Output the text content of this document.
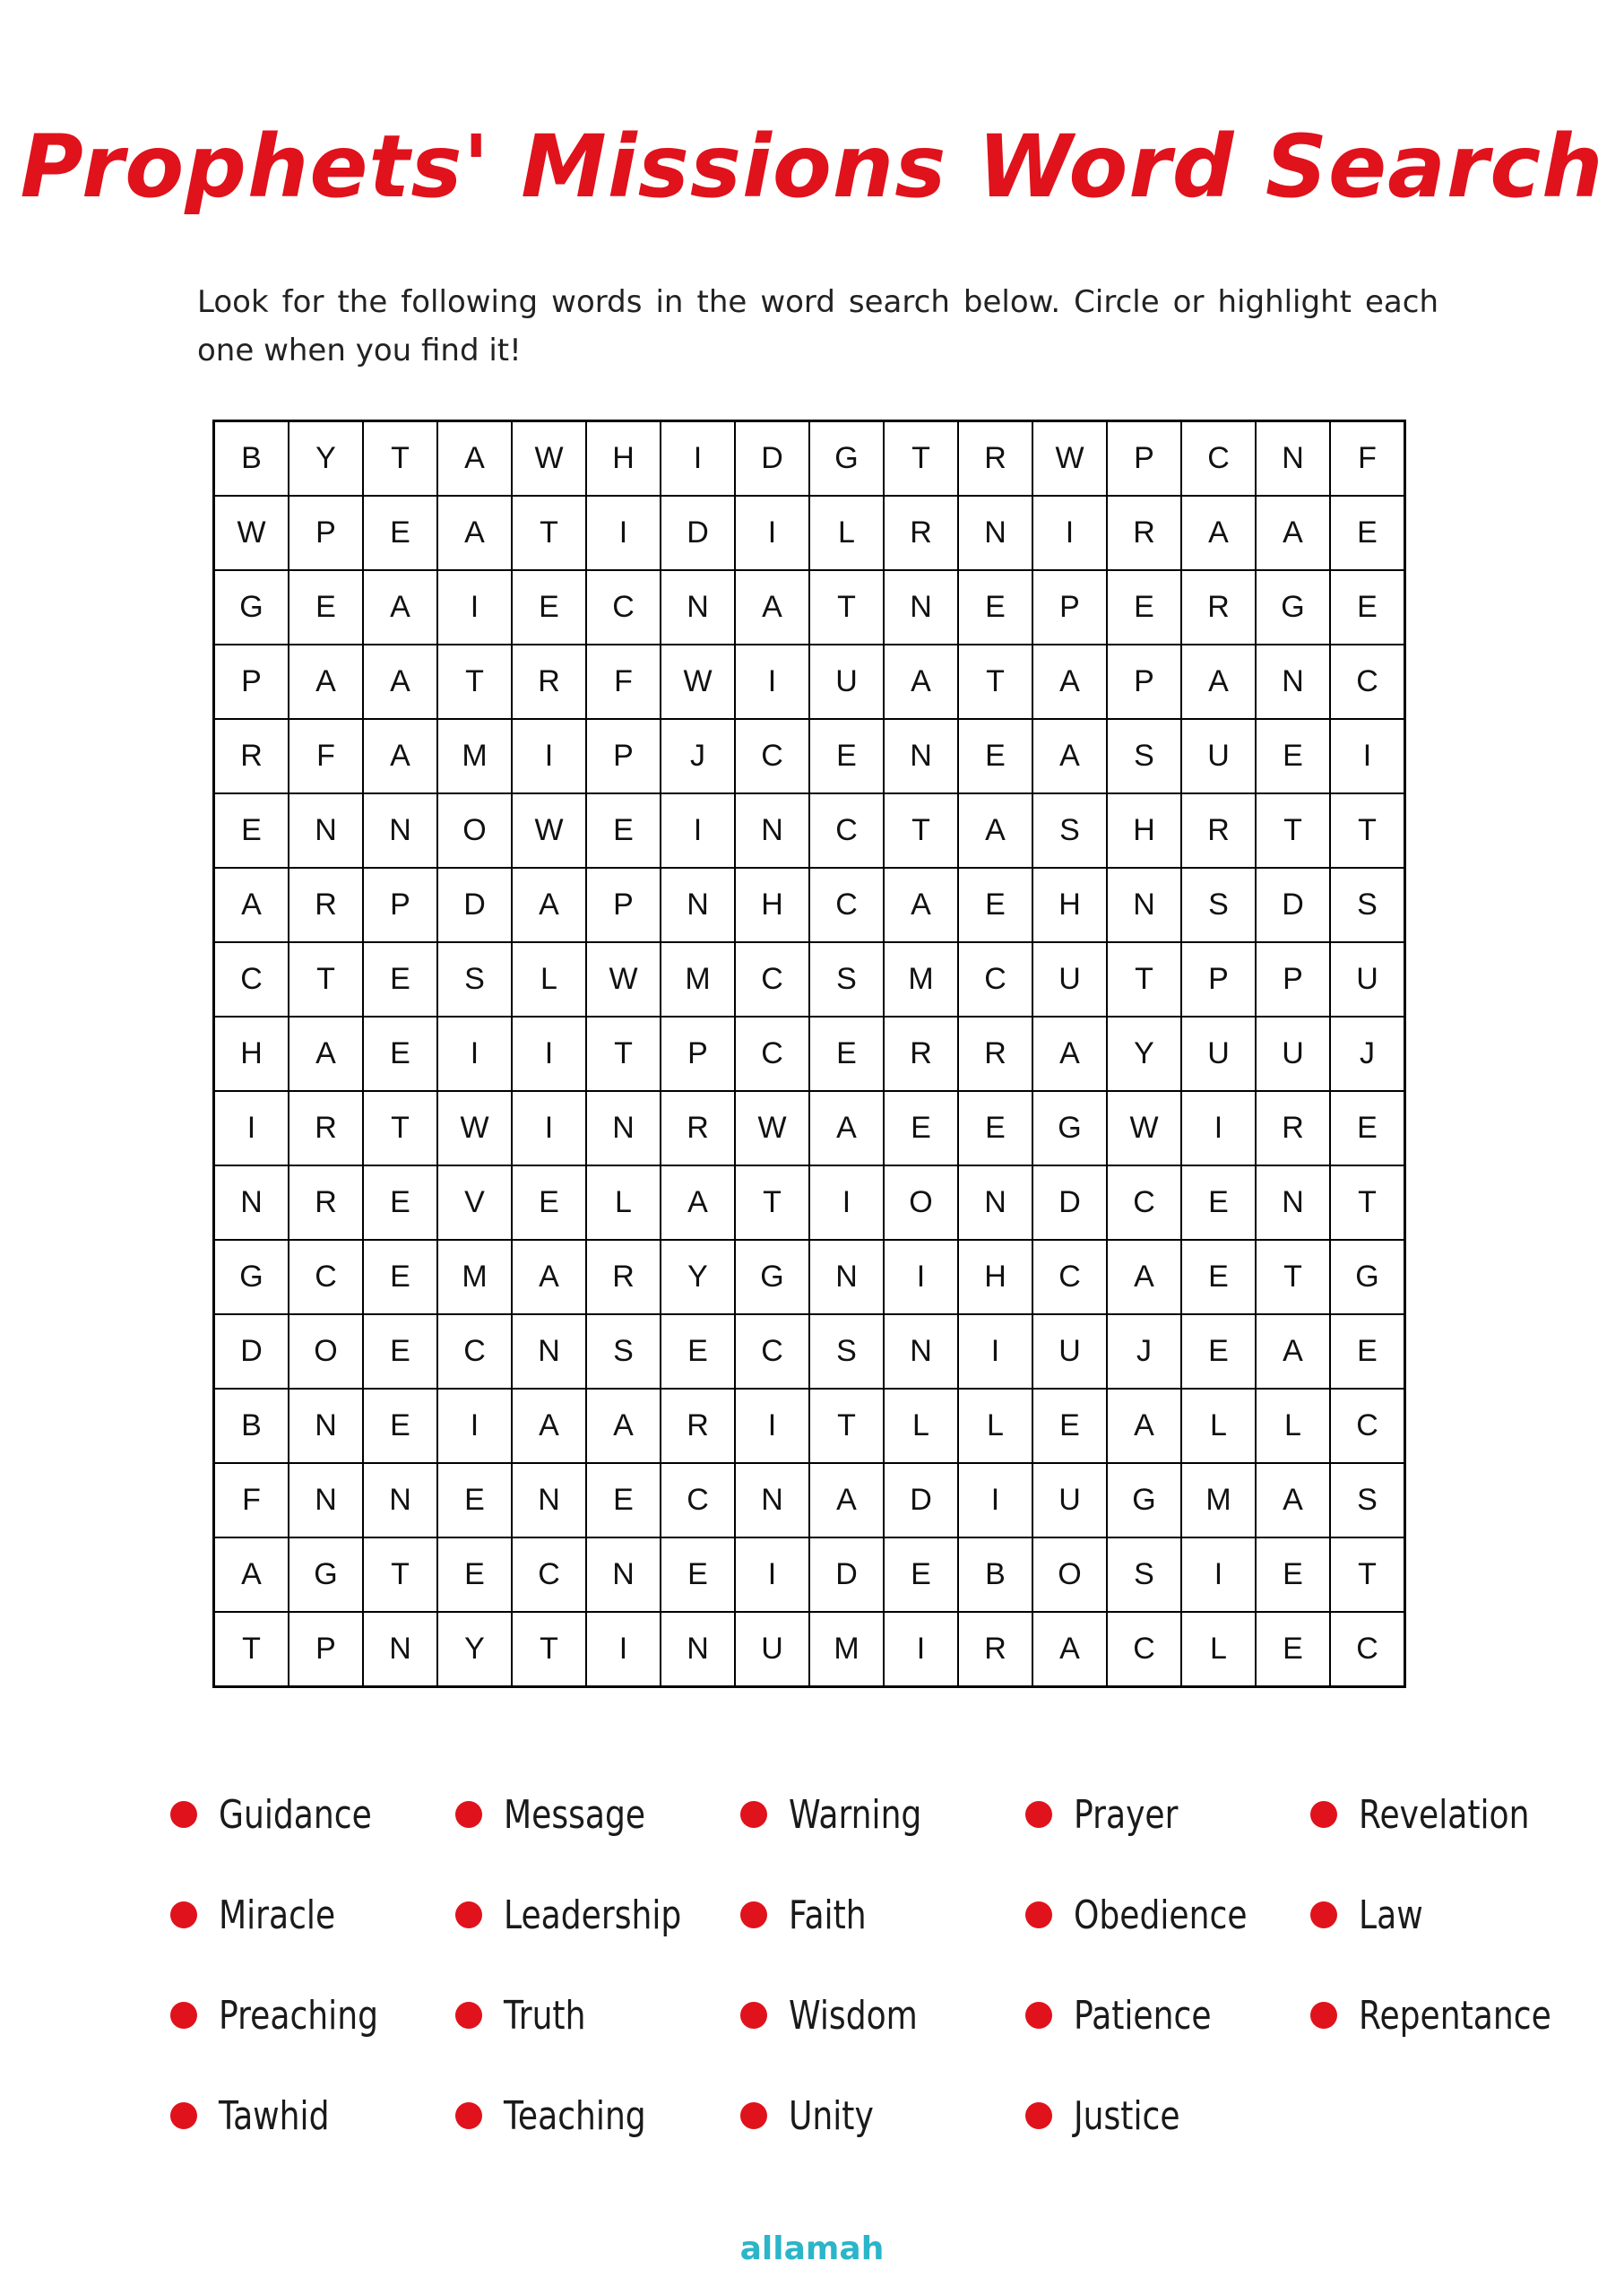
Prophets' Missions Word Search
Look for the following words in the word search below. Circle or highlight each one when you find it!
B	Y	T	A	W	H	I	D	G	T	R	W	P	C	N	F
W	P	E	A	T	I	D	I	L	R	N	I	R	A	A	E
G	E	A	I	E	C	N	A	T	N	E	P	E	R	G	E
P	A	A	T	R	F	W	I	U	A	T	A	P	A	N	C
R	F	A	M	I	P	J	C	E	N	E	A	S	U	E	I
E	N	N	O	W	E	I	N	C	T	A	S	H	R	T	T
A	R	P	D	A	P	N	H	C	A	E	H	N	S	D	S
C	T	E	S	L	W	M	C	S	M	C	U	T	P	P	U
H	A	E	I	I	T	P	C	E	R	R	A	Y	U	U	J
I	R	T	W	I	N	R	W	A	E	E	G	W	I	R	E
N	R	E	V	E	L	A	T	I	O	N	D	C	E	N	T
G	C	E	M	A	R	Y	G	N	I	H	C	A	E	T	G
D	O	E	C	N	S	E	C	S	N	I	U	J	E	A	E
B	N	E	I	A	A	R	I	T	L	L	E	A	L	L	C
F	N	N	E	N	E	C	N	A	D	I	U	G	M	A	S
A	G	T	E	C	N	E	I	D	E	B	O	S	I	E	T
T	P	N	Y	T	I	N	U	M	I	R	A	C	L	E	C
Guidance	Message	Warning	Prayer	Revelation
Miracle	Leadership	Faith	Obedience	Law
Preaching	Truth	Wisdom	Patience	Repentance
Tawhid	Teaching	Unity	Justice
allamah
